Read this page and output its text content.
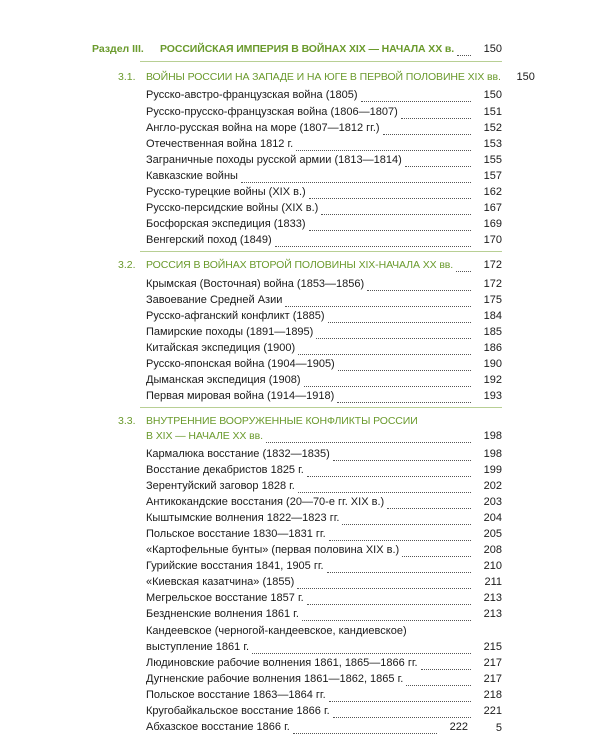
Раздел III. РОССИЙСКАЯ ИМПЕРИЯ В ВОЙНАХ XIX — НАЧАЛА XX в.	150
3.1. ВОЙНЫ РОССИИ НА ЗАПАДЕ И НА ЮГЕ В ПЕРВОЙ ПОЛОВИНЕ XIX вв.	150
Русско-австро-французская война (1805)	150
Русско-прусско-французская война (1806—1807)	151
Англо-русская война на море (1807—1812 гг.)	152
Отечественная война 1812 г.	153
Заграничные походы русской армии (1813—1814)	155
Кавказские войны	157
Русско-турецкие войны (XIX в.)	162
Русско-персидские войны (XIX в.)	167
Босфорская экспедиция (1833)	169
Венгерский поход (1849)	170
3.2. РОССИЯ В ВОЙНАХ ВТОРОЙ ПОЛОВИНЫ XIX-НАЧАЛА XX вв.	172
Крымская (Восточная) война (1853—1856)	172
Завоевание Средней Азии	175
Русско-афганский конфликт (1885)	184
Памирские походы (1891—1895)	185
Китайская экспедиция (1900)	186
Русско-японская война (1904—1905)	190
Дыманская экспедиция (1908)	192
Первая мировая война (1914—1918)	193
3.3. ВНУТРЕННИЕ ВООРУЖЕННЫЕ КОНФЛИКТЫ РОССИИ
В XIX — НАЧАЛЕ XX вв.	198
Кармалюка восстание (1832—1835)	198
Восстание декабристов 1825 г.	199
Зерентуйский заговор 1828 г.	202
Антикокандские восстания (20—70-е гг. XIX в.)	203
Кыштымские волнения 1822—1823 гг.	204
Польское восстание 1830—1831 гг.	205
«Картофельные бунты» (первая половина XIX в.)	208
Гурийские восстания 1841, 1905 гг.	210
«Киевская казатчина» (1855)	211
Мегрельское восстание 1857 г.	213
Бездненские волнения 1861 г.	213
Кандеевское (черногой-кандеевское, кандиевское)
выступление 1861 г.	215
Людиновские рабочие волнения 1861, 1865—1866 гг.	217
Дугненские рабочие волнения 1861—1862, 1865 г.	217
Польское восстание 1863—1864 гг.	218
Кругобайкальское восстание 1866 г.	221
Абхазское восстание 1866 г.	222	5
